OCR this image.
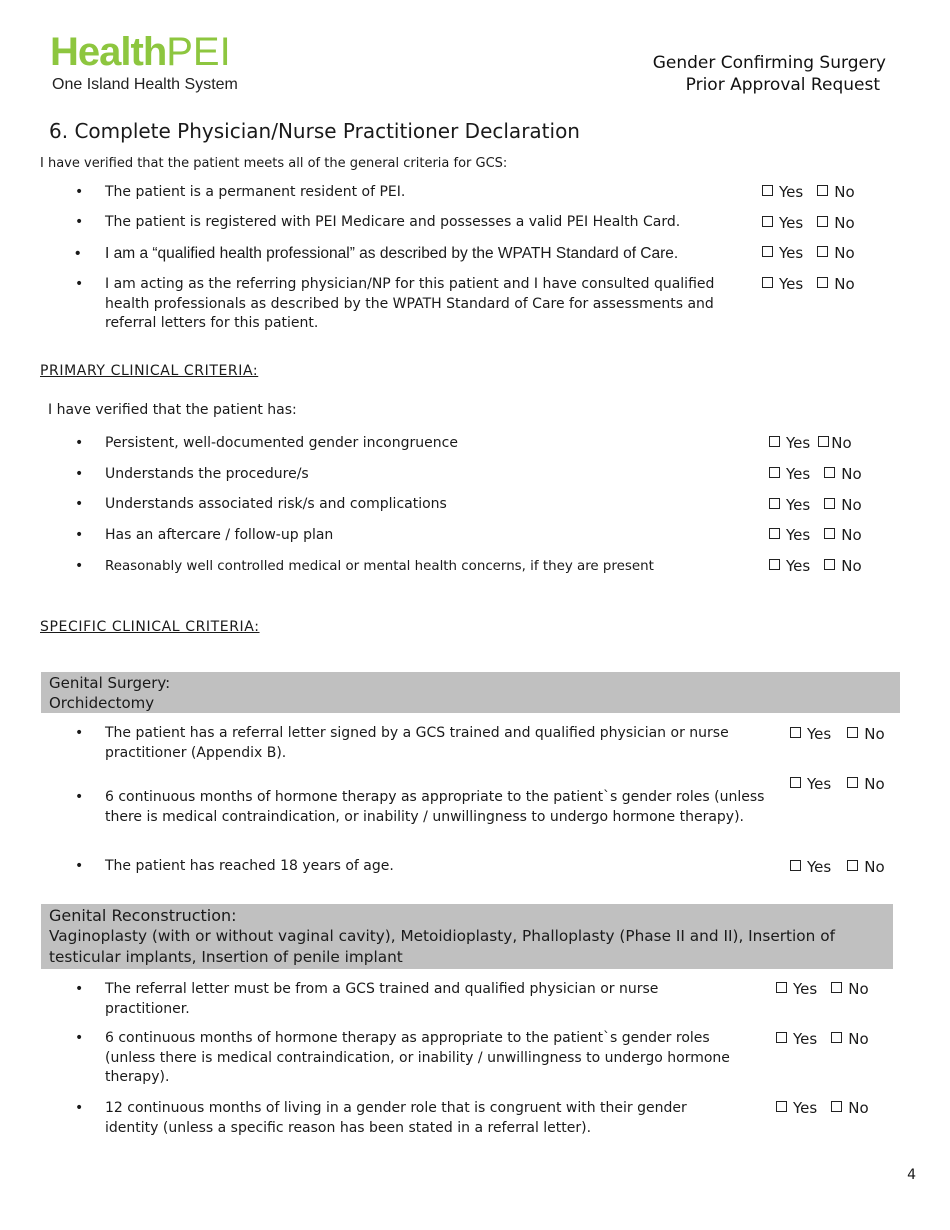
HealthPEI
One Island Health System
Gender Confirming Surgery
Prior Approval Request
6. Complete Physician/Nurse Practitioner Declaration
I have verified that the patient meets all of the general criteria for GCS:
• The patient is a permanent resident of PEI.	Yes No
• The patient is registered with PEI Medicare and possesses a valid PEI Health Card.	Yes No
•	I am a “qualified health professional” as described by the WPATH Standard of Care.	Yes No
• I am acting as the referring physician/NP for this patient and I have consulted qualified health professionals as described by the WPATH Standard of Care for assessments and referral letters for this patient.
Yes No
PRIMARY CLINICAL CRITERIA:
I have verified that the patient has:
• Persistent, well-documented gender incongruence	Yes No
• Understands the procedure/s	Yes No
• Understands associated risk/s and complications	Yes No
• Has an aftercare / follow-up plan	Yes No
• Reasonably well controlled medical or mental health concerns, if they are present	Yes No
SPECIFIC CLINICAL CRITERIA:
Genital Surgery:
Orchidectomy
• The patient has a referral letter signed by a GCS trained and qualified physician or nurse practitioner (Appendix B).
Yes No
• 6 continuous months of hormone therapy as appropriate to the patient`s gender roles (unless there is medical contraindication, or inability / unwillingness to undergo hormone therapy).
Yes No
• The patient has reached 18 years of age.	Yes No
Genital Reconstruction:
Vaginoplasty (with or without vaginal cavity), Metoidioplasty, Phalloplasty (Phase II and II), Insertion of testicular implants, Insertion of penile implant
• The referral letter must be from a GCS trained and qualified physician or nurse practitioner.
Yes No
• 6 continuous months of hormone therapy as appropriate to the patient`s gender roles (unless there is medical contraindication, or inability / unwillingness to undergo hormone therapy).
Yes No
• 12 continuous months of living in a gender role that is congruent with their gender identity (unless a specific reason has been stated in a referral letter).
Yes No
4
